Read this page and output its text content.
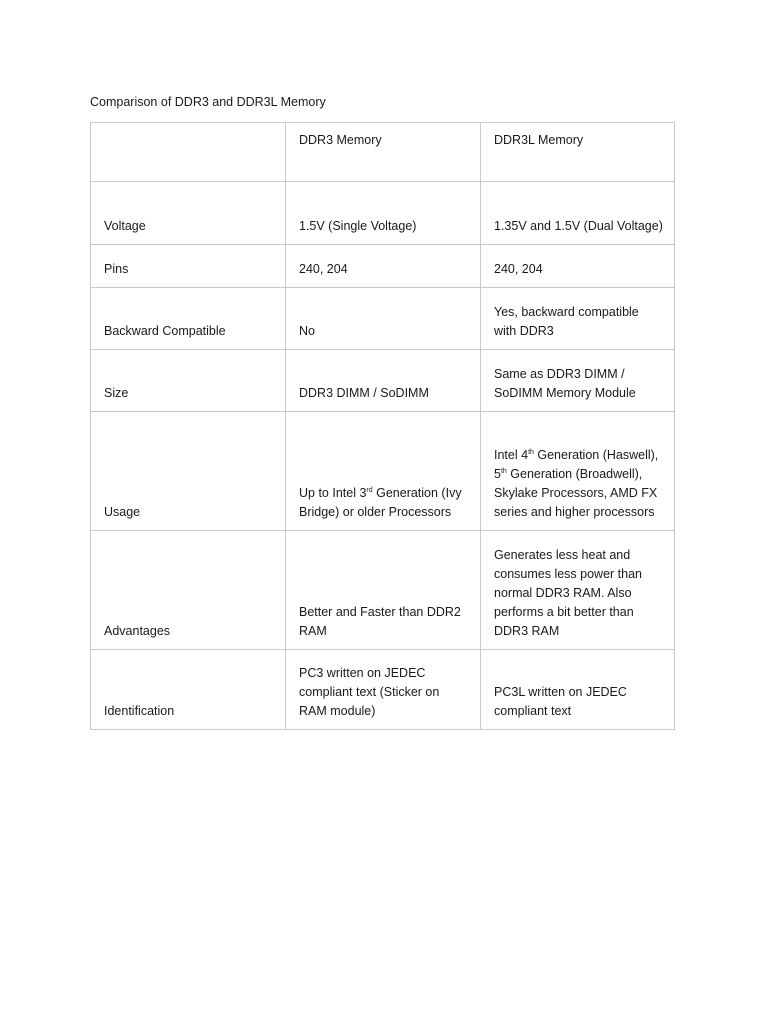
Comparison of DDR3 and DDR3L Memory
	DDR3 Memory	DDR3L Memory
Voltage	1.5V (Single Voltage)	1.35V and 1.5V (Dual Voltage)
Pins	240, 204	240, 204
Backward Compatible	No	Yes, backward compatible with DDR3
Size	DDR3 DIMM / SoDIMM	Same as DDR3 DIMM / SoDIMM Memory Module
Usage	Up to Intel 3rd Generation (Ivy Bridge) or older Processors	Intel 4th Generation (Haswell), 5th Generation (Broadwell), Skylake Processors, AMD FX series and higher processors
Advantages	Better and Faster than DDR2 RAM	Generates less heat and consumes less power than normal DDR3 RAM. Also performs a bit better than DDR3 RAM
Identification	PC3 written on JEDEC compliant text (Sticker on RAM module)	PC3L written on JEDEC compliant text
